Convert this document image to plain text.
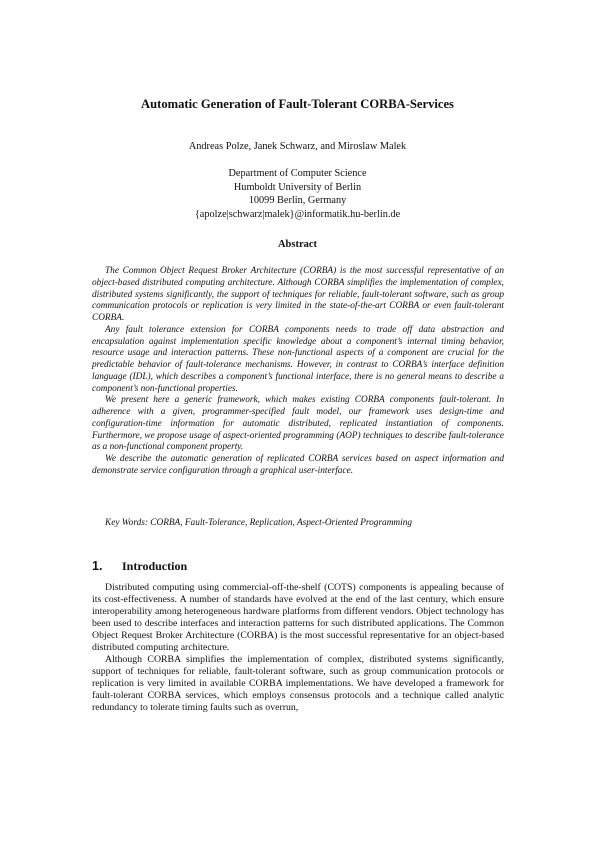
Automatic Generation of Fault-Tolerant CORBA-Services
Andreas Polze, Janek Schwarz, and Miroslaw Malek
Department of Computer Science
Humboldt University of Berlin
10099 Berlin, Germany
{apolze|schwarz|malek}@informatik.hu-berlin.de
Abstract

The Common Object Request Broker Architecture (CORBA) is the most successful representative of an object-based distributed computing architecture. Although CORBA simplifies the implementation of complex, distributed systems significantly, the support of techniques for reliable, fault-tolerant software, such as group communication protocols or replication is very limited in the state-of-the-art CORBA or even fault-tolerant CORBA.

Any fault tolerance extension for CORBA components needs to trade off data abstraction and encapsulation against implementation specific knowledge about a component’s internal timing behavior, resource usage and interaction patterns. These non-functional aspects of a component are crucial for the predictable behavior of fault-tolerance mechanisms. However, in contrast to CORBA’s interface definition language (IDL), which describes a component’s functional interface, there is no general means to describe a component’s non-functional properties.

We present here a generic framework, which makes existing CORBA components fault-tolerant. In adherence with a given, programmer-specified fault model, our framework uses design-time and configuration-time information for automatic distributed, replicated instantiation of components. Furthermore, we propose usage of aspect-oriented programming (AOP) techniques to describe fault-tolerance as a non-functional component property.

We describe the automatic generation of replicated CORBA services based on aspect information and demonstrate service configuration through a graphical user-interface.

Key Words: CORBA, Fault-Tolerance, Replication, Aspect-Oriented Programming
1. Introduction

Distributed computing using commercial-off-the-shelf (COTS) components is appealing because of its cost-effectiveness. A number of standards have evolved at the end of the last century, which ensure interoperability among heterogeneous hardware platforms from different vendors. Object technology has been used to describe interfaces and interaction patterns for such distributed applications. The Common Object Request Broker Architecture (CORBA) is the most successful representative for an object-based distributed computing architecture.

Although CORBA simplifies the implementation of complex, distributed systems significantly, support of techniques for reliable, fault-tolerant software, such as group communication protocols or replication is very limited in available CORBA implementations. We have developed a framework for fault-tolerant CORBA services, which employs consensus protocols and a technique called analytic redundancy to tolerate timing faults such as overrun,
